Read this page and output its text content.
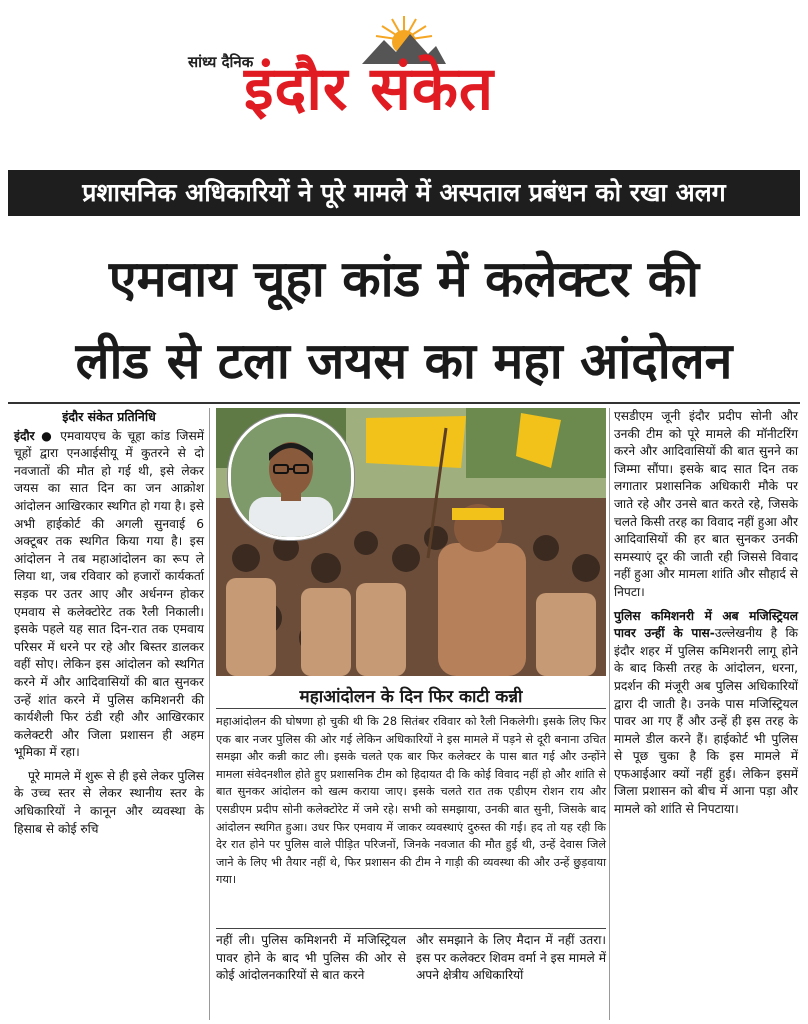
सांध्य दैनिक
इंदौर संकेत
प्रशासनिक अधिकारियों ने पूरे मामले में अस्पताल प्रबंधन को रखा अलग
एमवाय चूहा कांड में कलेक्टर की
लीड से टला जयस का महा आंदोलन

इंदौर संकेत प्रतिनिधि

इंदौर ● एमवायएच के चूहा कांड जिसमें चूहों द्वारा एनआईसीयू में कुतरने से दो नवजातों की मौत हो गई थी, इसे लेकर जयस का सात दिन का जन आक्रोश आंदोलन आखिरकार स्थगित हो गया है। इसे अभी हाईकोर्ट की अगली सुनवाई 6 अक्टूबर तक स्थगित किया गया है। इस आंदोलन ने तब महाआंदोलन का रूप ले लिया था, जब रविवार को हजारों कार्यकर्ता सड़क पर उतर आए और अर्धनग्न होकर एमवाय से कलेक्टोरेट तक रैली निकाली। इसके पहले यह सात दिन-रात तक एमवाय परिसर में धरने पर रहे और बिस्तर डालकर वहीं सोए। लेकिन इस आंदोलन को स्थगित करने में और आदिवासियों की बात सुनकर उन्हें शांत करने में पुलिस कमिशनरी की कार्यशैली फिर ठंडी रही और आखिरकार कलेक्टरी और जिला प्रशासन ही अहम भूमिका में रहा।

पूरे मामले में शुरू से ही इसे लेकर पुलिस के उच्च स्तर से लेकर स्थानीय स्तर के अधिकारियों ने कानून और व्यवस्था के हिसाब से कोई रुचि

महाआंदोलन के दिन फिर काटी कन्नी

महाआंदोलन की घोषणा हो चुकी थी कि 28 सितंबर रविवार को रैली निकलेगी। इसके लिए फिर एक बार नजर पुलिस की ओर गई लेकिन अधिकारियों ने इस मामले में पड़ने से दूरी बनाना उचित समझा और कन्नी काट ली। इसके चलते एक बार फिर कलेक्टर के पास बात गई और उन्होंने मामला संवेदनशील होते हुए प्रशासनिक टीम को हिदायत दी कि कोई विवाद नहीं हो और शांति से बात सुनकर आंदोलन को खत्म कराया जाए। इसके चलते रात तक एडीएम रोशन राय और एसडीएम प्रदीप सोनी कलेक्टोरेट में जमे रहे। सभी को समझाया, उनकी बात सुनी, जिसके बाद आंदोलन स्थगित हुआ। उधर फिर एमवाय में जाकर व्यवस्थाएं दुरुस्त की गई। हद तो यह रही कि देर रात होने पर पुलिस वाले पीड़ित परिजनों, जिनके नवजात की मौत हुई थी, उन्हें देवास जिले जाने के लिए भी तैयार नहीं थे, फिर प्रशासन की टीम ने गाड़ी की व्यवस्था की और उन्हें छुड़वाया गया।

नहीं ली। पुलिस कमिशनरी में मजिस्ट्रियल पावर होने के बाद भी पुलिस की ओर से कोई आंदोलनकारियों से बात करने

और समझाने के लिए मैदान में नहीं उतरा। इस पर कलेक्टर शिवम वर्मा ने इस मामले में अपने क्षेत्रीय अधिकारियों

एसडीएम जूनी इंदौर प्रदीप सोनी और उनकी टीम को पूरे मामले की मॉनीटरिंग करने और आदिवासियों की बात सुनने का जिम्मा सौंपा। इसके बाद सात दिन तक लगातार प्रशासनिक अधिकारी मौके पर जाते रहे और उनसे बात करते रहे, जिसके चलते किसी तरह का विवाद नहीं हुआ और आदिवासियों की हर बात सुनकर उनकी समस्याएं दूर की जाती रही जिससे विवाद नहीं हुआ और मामला शांति और सौहार्द से निपटा।

पुलिस कमिशनरी में अब मजिस्ट्रियल पावर उन्हीं के पास-उल्लेखनीय है कि इंदौर शहर में पुलिस कमिशनरी लागू होने के बाद किसी तरह के आंदोलन, धरना, प्रदर्शन की मंजूरी अब पुलिस अधिकारियों द्वारा दी जाती है। उनके पास मजिस्ट्रियल पावर आ गए हैं और उन्हें ही इस तरह के मामले डील करने हैं। हाईकोर्ट भी पुलिस से पूछ चुका है कि इस मामले में एफआईआर क्यों नहीं हुई। लेकिन इसमें जिला प्रशासन को बीच में आना पड़ा और मामले को शांति से निपटाया।
